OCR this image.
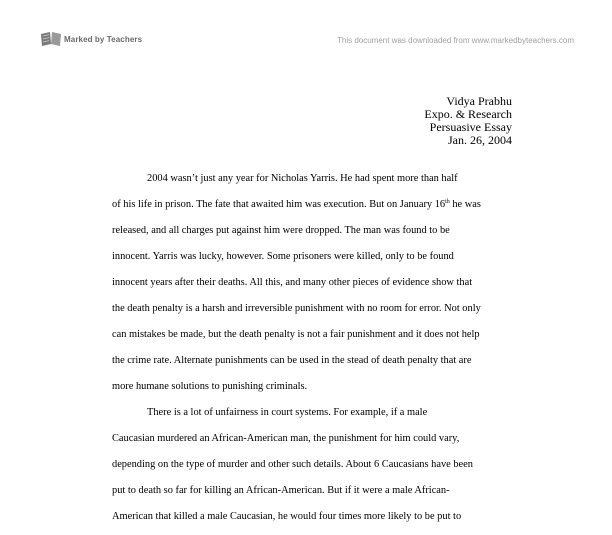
Marked by Teachers	This document was downloaded from www.markedbyteachers.com
Vidya Prabhu
Expo. & Research
Persuasive Essay
Jan. 26, 2004
2004 wasn’t just any year for Nicholas Yarris. He had spent more than half
of his life in prison. The fate that awaited him was execution. But on January 16th he was
released, and all charges put against him were dropped. The man was found to be
innocent. Yarris was lucky, however. Some prisoners were killed, only to be found
innocent years after their deaths. All this, and many other pieces of evidence show that
the death penalty is a harsh and irreversible punishment with no room for error. Not only
can mistakes be made, but the death penalty is not a fair punishment and it does not help
the crime rate. Alternate punishments can be used in the stead of death penalty that are
more humane solutions to punishing criminals.
There is a lot of unfairness in court systems. For example, if a male
Caucasian murdered an African-American man, the punishment for him could vary,
depending on the type of murder and other such details. About 6 Caucasians have been
put to death so far for killing an African-American. But if it were a male African-
American that killed a male Caucasian, he would four times more likely to be put to
